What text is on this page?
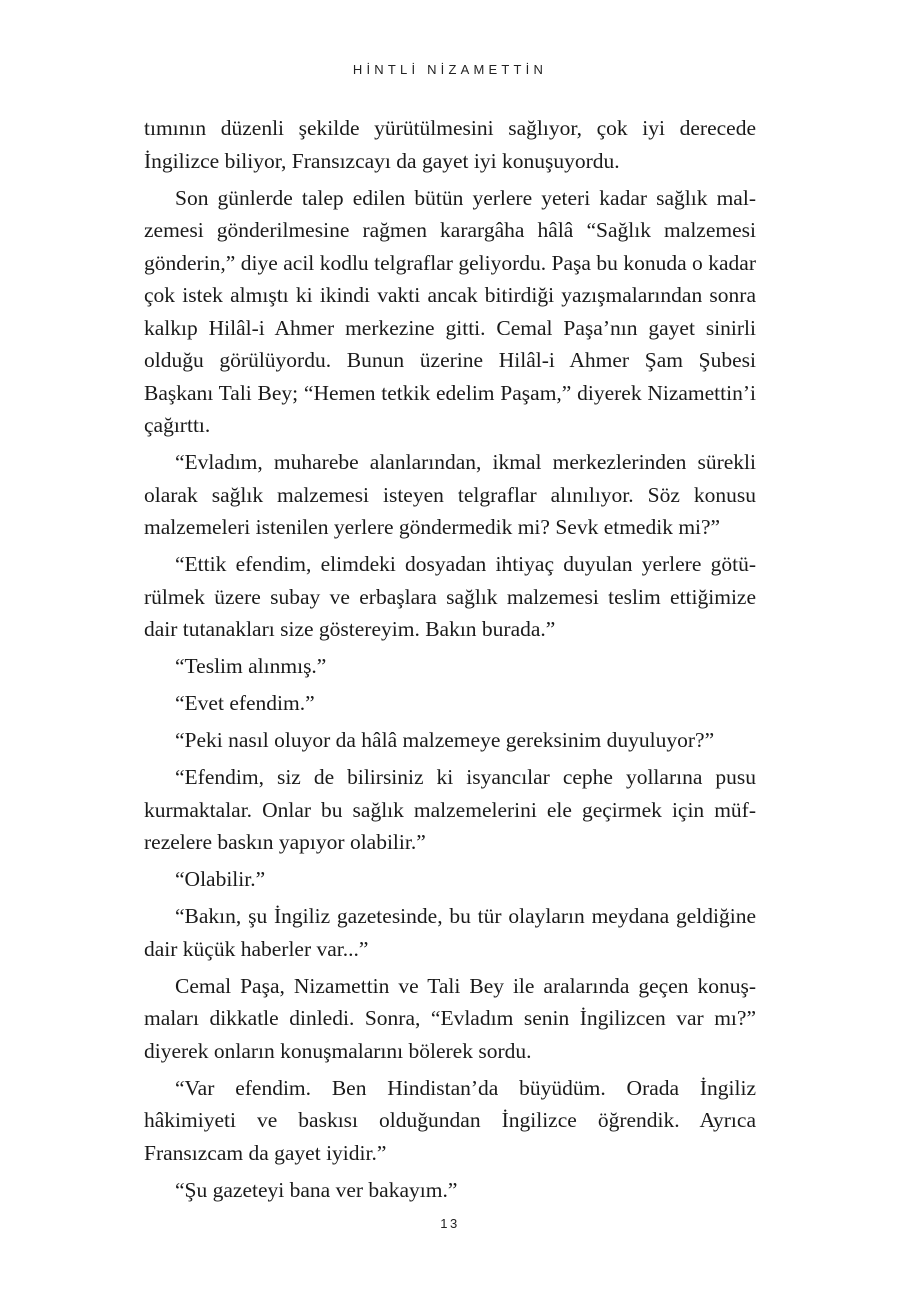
HİNTLİ NİZAMETTİN

tımının düzenli şekilde yürütülmesini sağlıyor, çok iyi derecede İngilizce biliyor, Fransızcayı da gayet iyi konuşuyordu.

Son günlerde talep edilen bütün yerlere yeteri kadar sağlık malzemesi gönderilmesine rağmen karargâha hâlâ “Sağlık malzemesi gönderin,” diye acil kodlu telgraflar geliyordu. Paşa bu konuda o kadar çok istek almıştı ki ikindi vakti ancak bitirdiği yazışmalarından sonra kalkıp Hilâl-i Ahmer merkezine gitti. Cemal Paşa’nın gayet sinirli olduğu görülüyordu. Bunun üzerine Hilâl-i Ahmer Şam Şubesi Başkanı Tali Bey; “Hemen tetkik edelim Paşam,” diyerek Nizamettin’i çağırttı.

“Evladım, muharebe alanlarından, ikmal merkezlerinden sürekli olarak sağlık malzemesi isteyen telgraflar alınılıyor. Söz konusu malzemeleri istenilen yerlere göndermedik mi? Sevk etmedik mi?”

“Ettik efendim, elimdeki dosyadan ihtiyaç duyulan yerlere götürülmek üzere subay ve erbaşlara sağlık malzemesi teslim ettiğimize dair tutanakları size göstereyim. Bakın burada.”

“Teslim alınmış.”

“Evet efendim.”

“Peki nasıl oluyor da hâlâ malzemeye gereksinim duyuluyor?”

“Efendim, siz de bilirsiniz ki isyancılar cephe yollarına pusu kurmaktalar. Onlar bu sağlık malzemelerini ele geçirmek için müfrezelere baskın yapıyor olabilir.”

“Olabilir.”

“Bakın, şu İngiliz gazetesinde, bu tür olayların meydana geldiğine dair küçük haberler var...”

Cemal Paşa, Nizamettin ve Tali Bey ile aralarında geçen konuşmaları dikkatle dinledi. Sonra, “Evladım senin İngilizcen var mı?” diyerek onların konuşmalarını bölerek sordu.

“Var efendim. Ben Hindistan’da büyüdüm. Orada İngiliz hâkimiyeti ve baskısı olduğundan İngilizce öğrendik. Ayrıca Fransızcam da gayet iyidir.”

“Şu gazeteyi bana ver bakayım.”

13
